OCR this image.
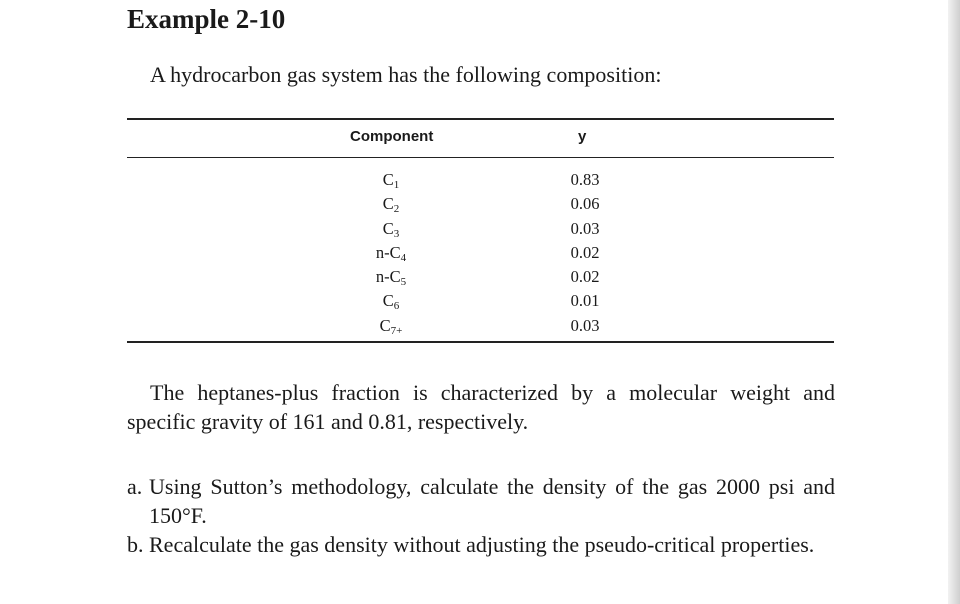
Example 2-10
A hydrocarbon gas system has the following composition:
Component	y
$C_1$
$C_2$
$C_3$
$n-C_4$
$n-C_5$
$C_6$
$C_{7+}$
0.83
0.06
0.03
0.02
0.02
0.01
0.03
The heptanes-plus fraction is characterized by a molecular weight and specific gravity of 161 and 0.81, respectively.
a. Using Sutton’s methodology, calculate the density of the gas 2000 psi and 150°F.
b. Recalculate the gas density without adjusting the pseudo-critical properties.
